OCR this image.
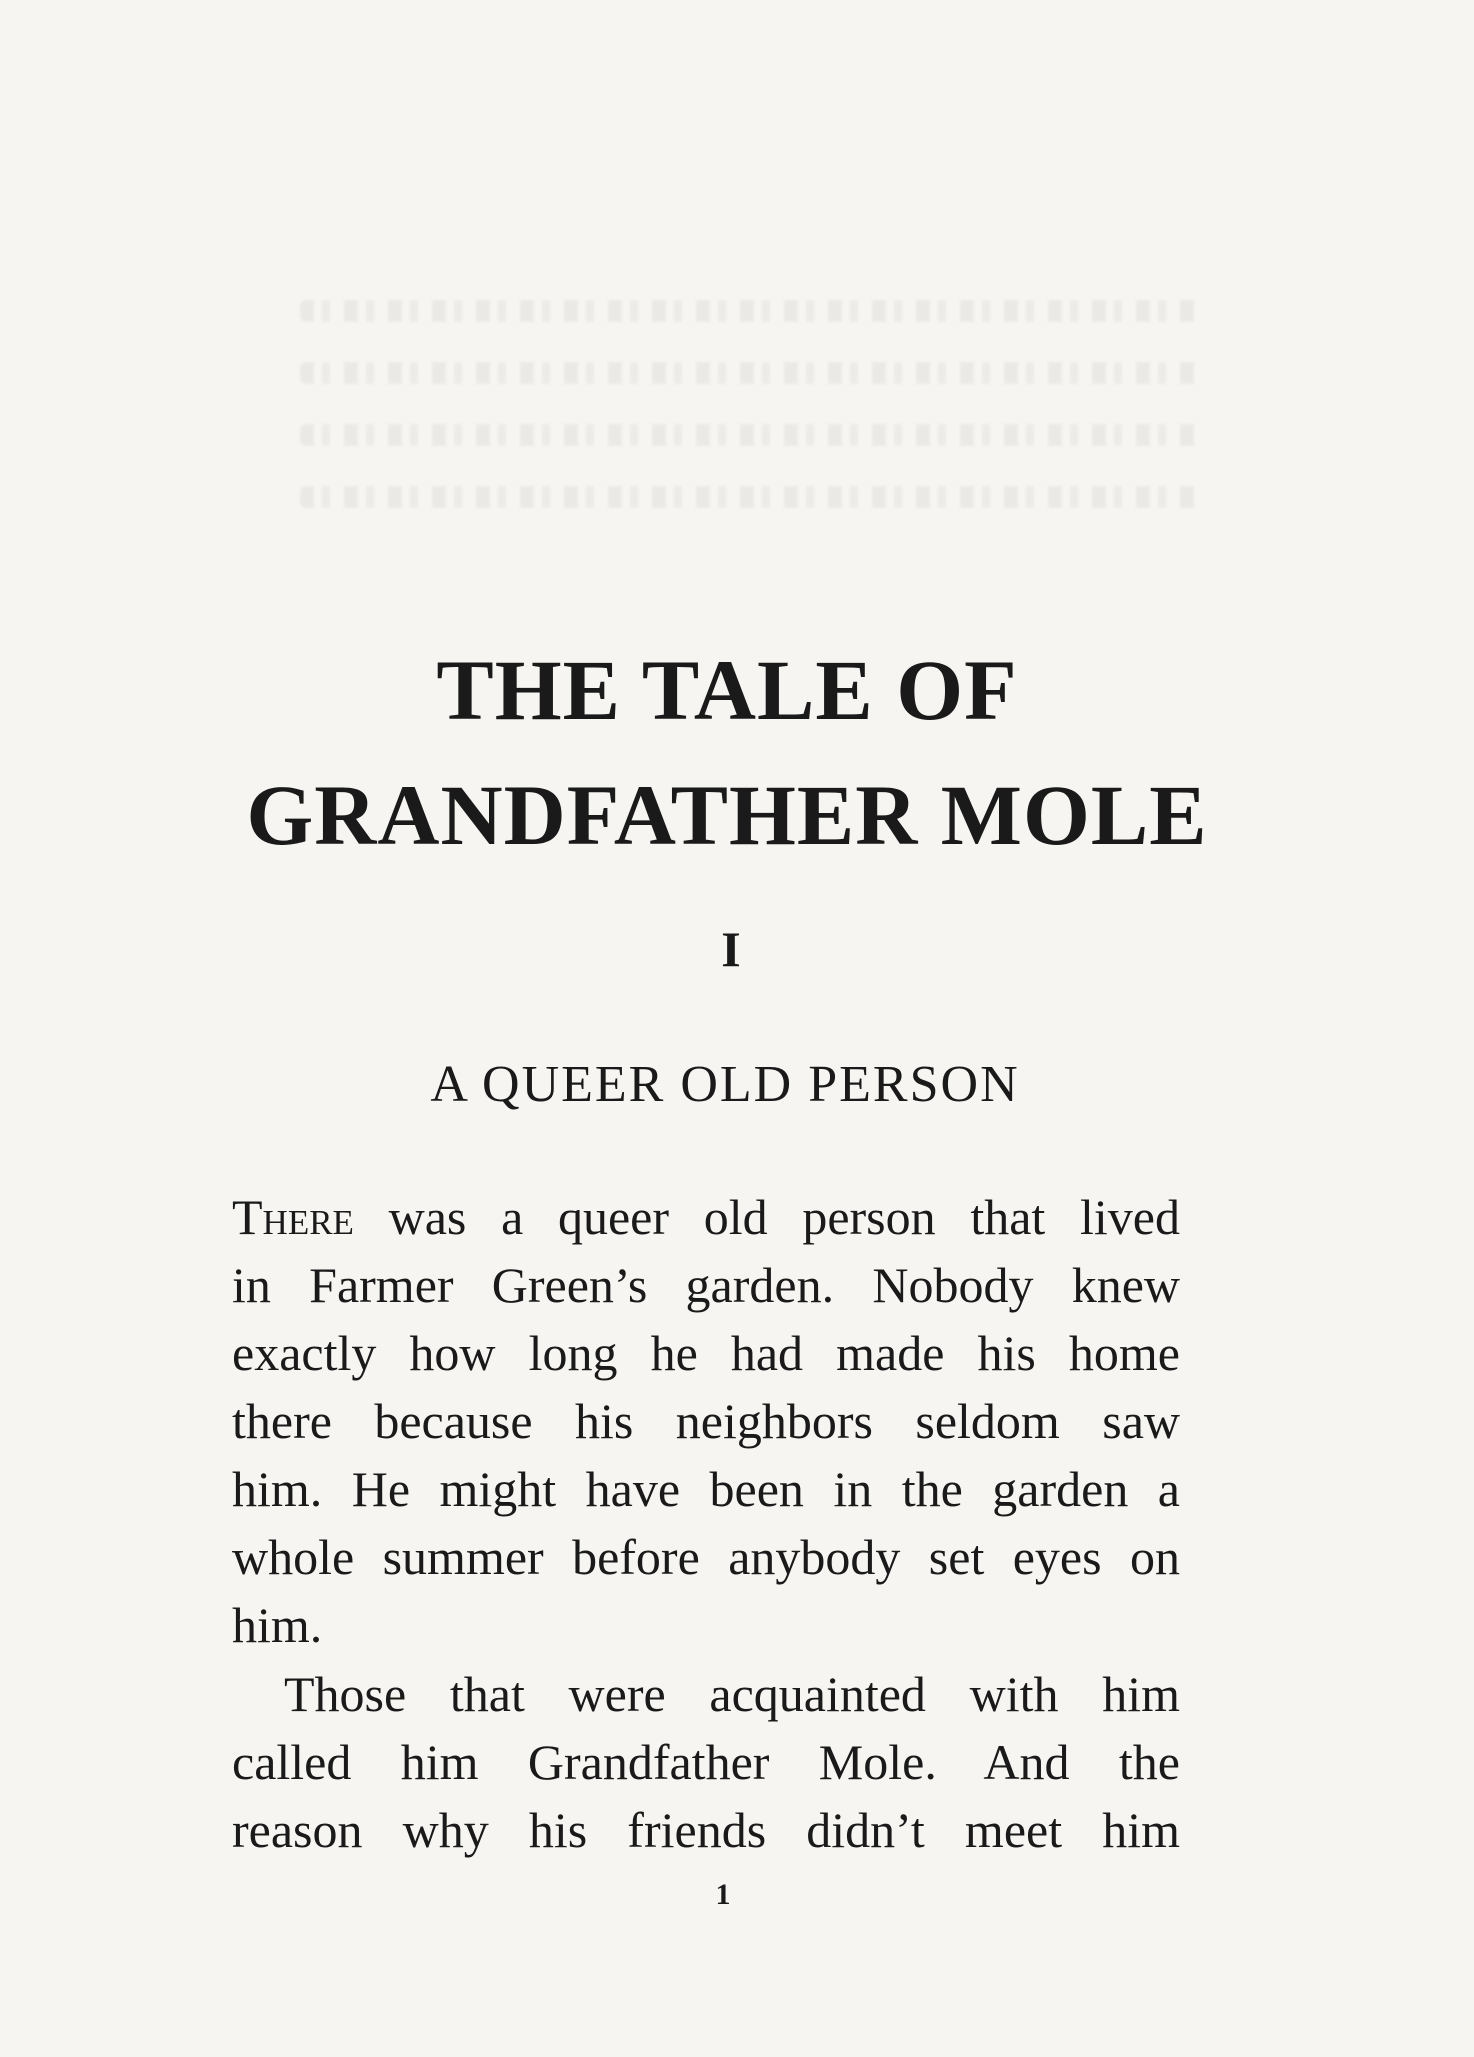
THE TALE OF
GRANDFATHER MOLE
I
A QUEER OLD PERSON
There was a queer old person that lived
in Farmer Green’s garden. Nobody knew
exactly how long he had made his home
there because his neighbors seldom saw
him. He might have been in the garden a
whole summer before anybody set eyes on
him.
Those that were acquainted with him
called him Grandfather Mole. And the
reason why his friends didn’t meet him
1
